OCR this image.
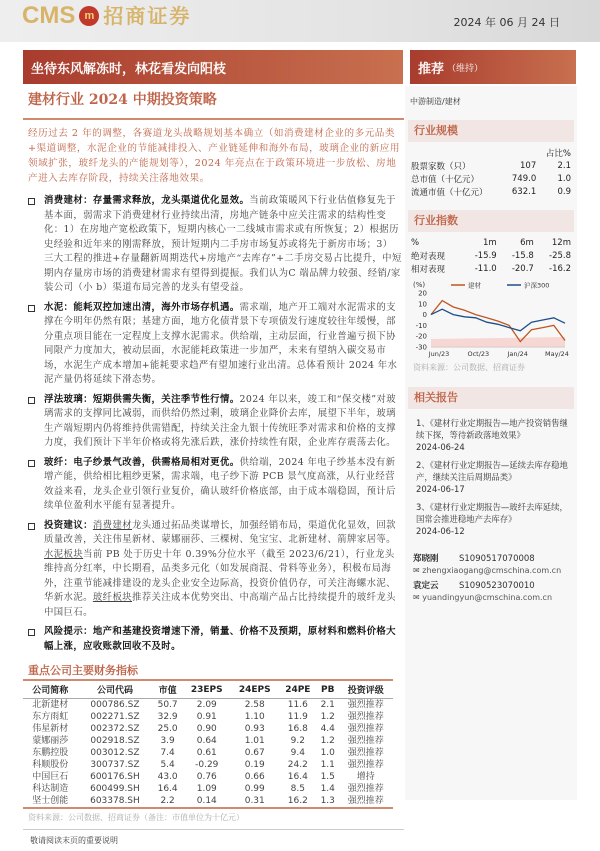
CMS m 招商证券	2024 年 06 月 24 日
坐待东风解冻时，林花看发向阳枝	推荐 （维持）
建材行业 2024 中期投资策略
经历过去 2 年的调整，各赛道龙头战略规划基本确立（如消费建材企业的多元品类+渠道调整，水泥企业的节能减排投入、产业链延伸和海外布局，玻璃企业的新应用领域扩张，玻纤龙头的产能规划等），2024 年亮点在于政策环境进一步放松、房地产进入去库存阶段，持续关注落地效果。
消费建材：存量需求释放，龙头渠道优化显效。当前政策暖风下行业估值修复先于基本面，弱需求下消费建材行业持续出清，房地产链条中应关注需求的结构性变化：1）在房地产宽松政策下，短期内核心一二线城市需求或有所恢复；2）根据历史经验和近年来的刚需释放，预计短期内二手房市场复苏或将先于新房市场；3）三大工程的推进+存量翻新周期迭代+房地产“去库存”+二手房交易占比提升，中短期内存量房市场的消费建材需求有望得到提振。我们认为C 端品牌力较强、经销/家装公司（小 b）渠道布局完善的龙头有望受益。
水泥：能耗双控加速出清，海外市场存机遇。需求端，地产开工端对水泥需求的支撑在今明年仍然有限；基建方面，地方化债背景下专项债发行速度较往年缓慢，部分重点项目能在一定程度上支撑水泥需求。供给端，主动层面，行业普遍亏损下协同限产力度加大，被动层面，水泥能耗政策进一步加严，未来有望纳入碳交易市场，水泥生产成本增加+能耗要求趋严有望加速行业出清。总体看预计 2024 年水泥产量仍将延续下滑态势。
浮法玻璃：短期供需失衡，关注季节性行情。2024 年以来，竣工和“保交楼”对玻璃需求的支撑同比减弱，而供给仍然过剩，玻璃企业降价去库，展望下半年，玻璃生产端短期内仍将维持供需错配，持续关注金九银十传统旺季对需求和价格的支撑力度，我们预计下半年价格或将先涨后跌，涨价持续性有限，企业库存震荡去化。
玻纤：电子纱景气改善，供需格局相对更优。供给端，2024 年电子纱基本没有新增产能，供给相比粗纱更紧，需求端，电子纱下游 PCB 景气度高涨，从行业经营效益来看，龙头企业引领行业复价，确认玻纤价格底部，由于成本端稳固，预计后续单位盈利水平能有显著提升。
投资建议：消费建材龙头通过拓品类谋增长，加强经销布局，渠道优化显效，回款质量改善，关注伟星新材、蒙娜丽莎、三棵树、兔宝宝、北新建材、箭牌家居等。水泥板块当前 PB 处于历史十年 0.39%分位水平（截至 2023/6/21），行业龙头维持高分红率，中长期看，品类多元化（如发展商混、骨料等业务），积极布局海外，注重节能减排建设的龙头企业安全边际高，投资价值仍存，可关注海螺水泥、华新水泥。玻纤板块推荐关注成本优势突出、中高端产品占比持续提升的玻纤龙头中国巨石。
风险提示：地产和基建投资增速下滑，销量、价格不及预期，原材料和燃料价格大幅上涨，应收账款回收不及时。
重点公司主要财务指标
公司简称	公司代码	市值	23EPS	24EPS	24PE	PB	投资评级
北新建材	000786.SZ	50.7	2.09	2.58	11.6	2.1	强烈推荐
东方雨虹	002271.SZ	32.9	0.91	1.10	11.9	1.2	强烈推荐
伟星新材	002372.SZ	25.0	0.90	0.93	16.8	4.4	强烈推荐
蒙娜丽莎	002918.SZ	3.9	0.64	1.01	9.2	1.2	强烈推荐
东鹏控股	003012.SZ	7.4	0.61	0.67	9.4	1.0	强烈推荐
科顺股份	300737.SZ	5.4	-0.29	0.19	24.2	1.1	强烈推荐
中国巨石	600176.SH	43.0	0.76	0.66	16.4	1.5	增持
科达制造	600499.SH	16.4	1.09	0.99	8.5	1.4	强烈推荐
坚士创能	603378.SH	2.2	0.14	0.31	16.2	1.3	强烈推荐
资料来源：公司数据、招商证券（备注：市值单位为十亿元）
敬请阅读末页的重要说明
中游制造/建材
行业规模
		占比%
股票家数（只）	107	2.1
总市值（十亿元）	749.0	1.0
流通市值（十亿元）	632.1	0.9
行业指数
%	1m	6m	12m
绝对表现	-15.9	-15.8	-25.8
相对表现	-11.0	-20.7	-16.2
(%)
20
10
0
-10
-20
-30
Jun/23	Oct/23	Jan/24	May/24
建材	沪深300
资料来源：公司数据、招商证券
相关报告
1、《建材行业定期报告—地产投资销售继续下探，等待新政落地效果》
2024-06-24
2、《建材行业定期报告—延续去库存稳地产，继续关注后周期品类》
2024-06-17
3、《建材行业定期报告—玻纤去库延续，国常会推进稳地产去库存》
2024-06-12
郑晓刚 S1090517070008
✉ zhengxiaogang@cmschina.com.cn
袁定云 S1090523070010
✉ yuandingyun@cmschina.com.cn
